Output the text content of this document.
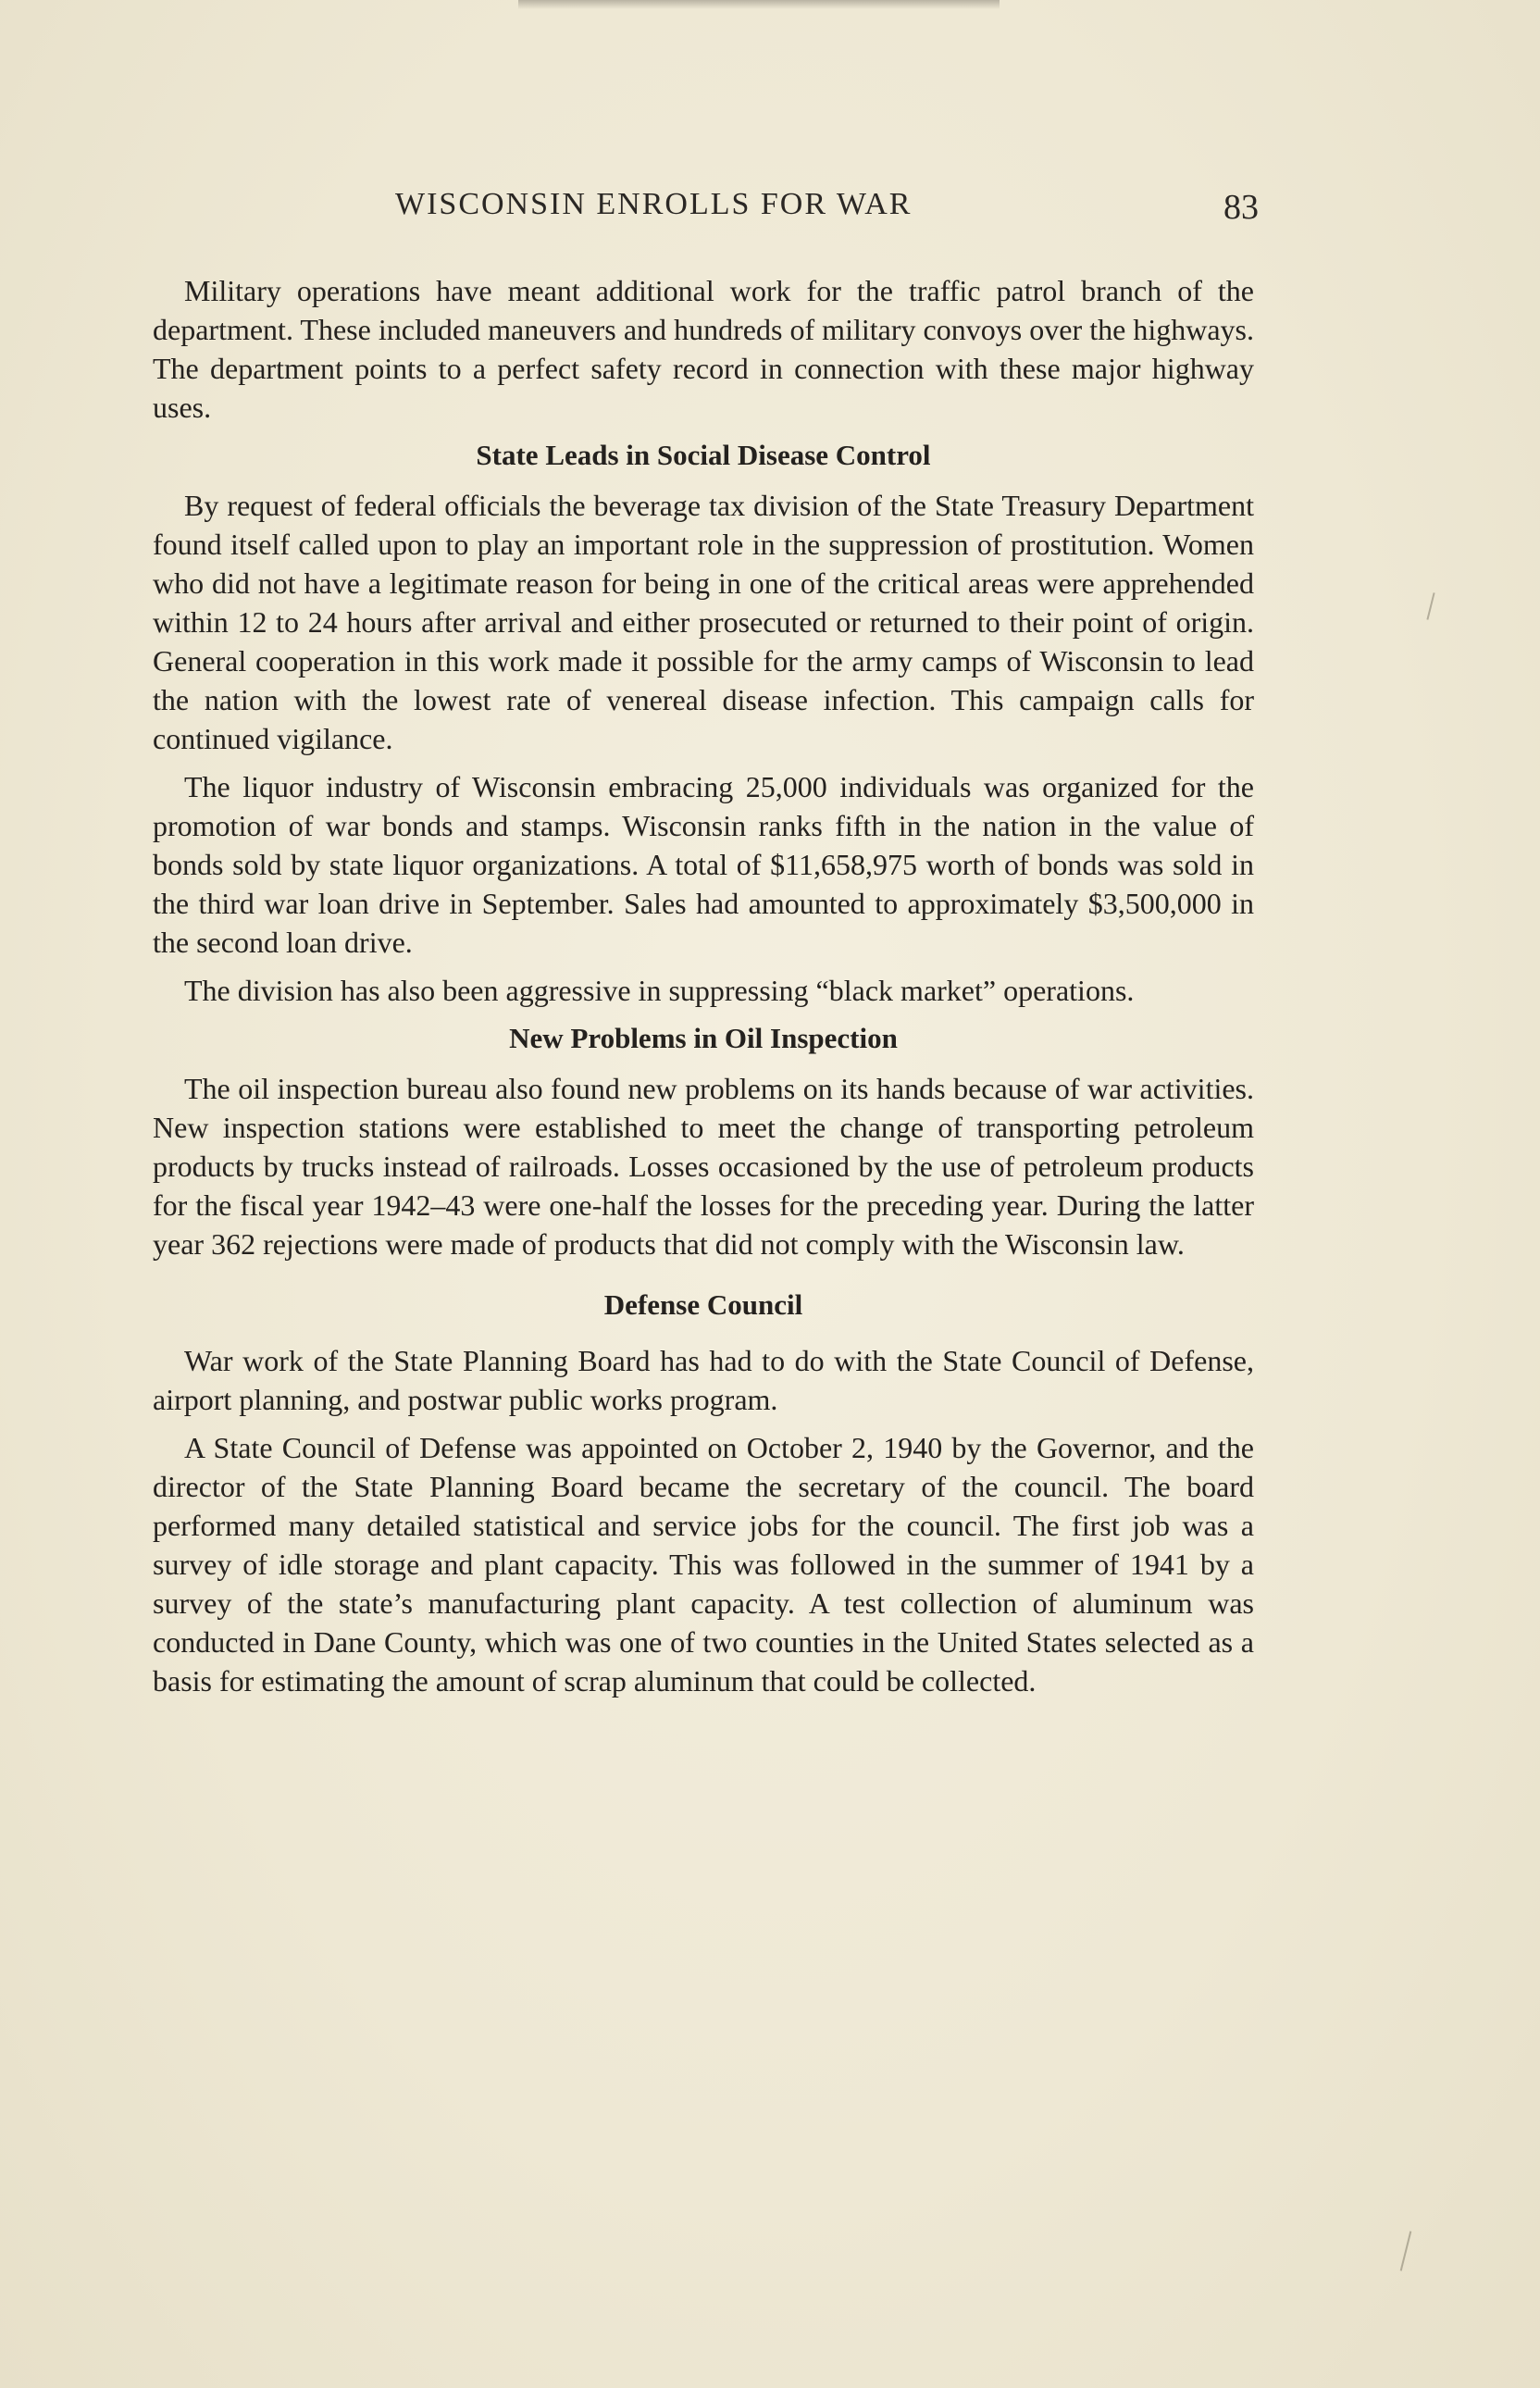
WISCONSIN ENROLLS FOR WAR	83

Military operations have meant additional work for the traffic patrol branch of the department. These included maneuvers and hundreds of military convoys over the highways. The department points to a perfect safety record in connection with these major highway uses.

State Leads in Social Disease Control

By request of federal officials the beverage tax division of the State Treasury Department found itself called upon to play an important role in the suppression of prostitution. Women who did not have a legitimate reason for being in one of the critical areas were apprehended within 12 to 24 hours after arrival and either prosecuted or returned to their point of origin. General cooperation in this work made it possible for the army camps of Wisconsin to lead the nation with the lowest rate of venereal disease infection. This campaign calls for continued vigilance.

The liquor industry of Wisconsin embracing 25,000 individuals was organized for the promotion of war bonds and stamps. Wisconsin ranks fifth in the nation in the value of bonds sold by state liquor organizations. A total of $11,658,975 worth of bonds was sold in the third war loan drive in September. Sales had amounted to approximately $3,500,000 in the second loan drive.

The division has also been aggressive in suppressing “black market” operations.

New Problems in Oil Inspection

The oil inspection bureau also found new problems on its hands because of war activities. New inspection stations were established to meet the change of transporting petroleum products by trucks instead of railroads. Losses occasioned by the use of petroleum products for the fiscal year 1942–43 were one-half the losses for the preceding year. During the latter year 362 rejections were made of products that did not comply with the Wisconsin law.

Defense Council

War work of the State Planning Board has had to do with the State Council of Defense, airport planning, and postwar public works program.

A State Council of Defense was appointed on October 2, 1940 by the Governor, and the director of the State Planning Board became the secretary of the council. The board performed many detailed statistical and service jobs for the council. The first job was a survey of idle storage and plant capacity. This was followed in the summer of 1941 by a survey of the state’s manufacturing plant capacity. A test collection of aluminum was conducted in Dane County, which was one of two counties in the United States selected as a basis for estimating the amount of scrap aluminum that could be collected.
